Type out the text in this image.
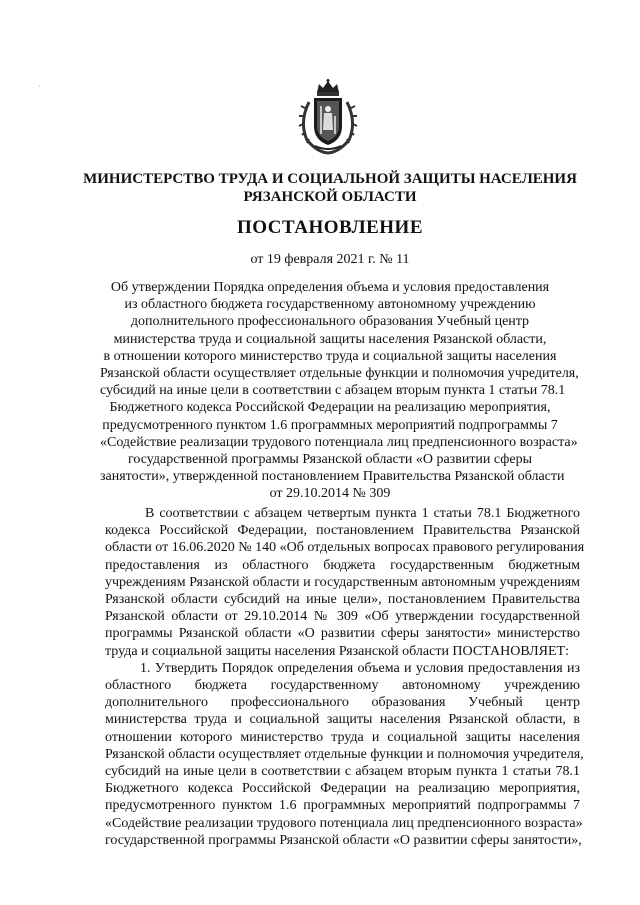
·
МИНИСТЕРСТВО ТРУДА И СОЦИАЛЬНОЙ ЗАЩИТЫ НАСЕЛЕНИЯ
РЯЗАНСКОЙ ОБЛАСТИ
ПОСТАНОВЛЕНИЕ
от 19 февраля 2021 г. № 11
Об утверждении Порядка определения объема и условия предоставления
из областного бюджета государственному автономному учреждению
дополнительного профессионального образования Учебный центр
министерства труда и социальной защиты населения Рязанской области,
в отношении которого министерство труда и социальной защиты населения
Рязанской области осуществляет отдельные функции и полномочия учредителя,
субсидий на иные цели в соответствии с абзацем вторым пункта 1 статьи 78.1
Бюджетного кодекса Российской Федерации на реализацию мероприятия,
предусмотренного пунктом 1.6 программных мероприятий подпрограммы 7
«Содействие реализации трудового потенциала лиц предпенсионного возраста»
государственной программы Рязанской области «О развитии сферы
занятости», утвержденной постановлением Правительства Рязанской области
от 29.10.2014 № 309
В соответствии с абзацем четвертым пункта 1 статьи 78.1 Бюджетного
кодекса Российской Федерации, постановлением Правительства Рязанской
области от 16.06.2020 № 140 «Об отдельных вопросах правового регулирования
предоставления из областного бюджета государственным бюджетным
учреждениям Рязанской области и государственным автономным учреждениям
Рязанской области субсидий на иные цели», постановлением Правительства
Рязанской области от 29.10.2014 № 309 «Об утверждении государственной
программы Рязанской области «О развитии сферы занятости» министерство
труда и социальной защиты населения Рязанской области ПОСТАНОВЛЯЕТ:
1. Утвердить Порядок определения объема и условия предоставления из
областного бюджета государственному автономному учреждению
дополнительного профессионального образования Учебный центр
министерства труда и социальной защиты населения Рязанской области, в
отношении которого министерство труда и социальной защиты населения
Рязанской области осуществляет отдельные функции и полномочия учредителя,
субсидий на иные цели в соответствии с абзацем вторым пункта 1 статьи 78.1
Бюджетного кодекса Российской Федерации на реализацию мероприятия,
предусмотренного пунктом 1.6 программных мероприятий подпрограммы 7
«Содействие реализации трудового потенциала лиц предпенсионного возраста»
государственной программы Рязанской области «О развитии сферы занятости»,
